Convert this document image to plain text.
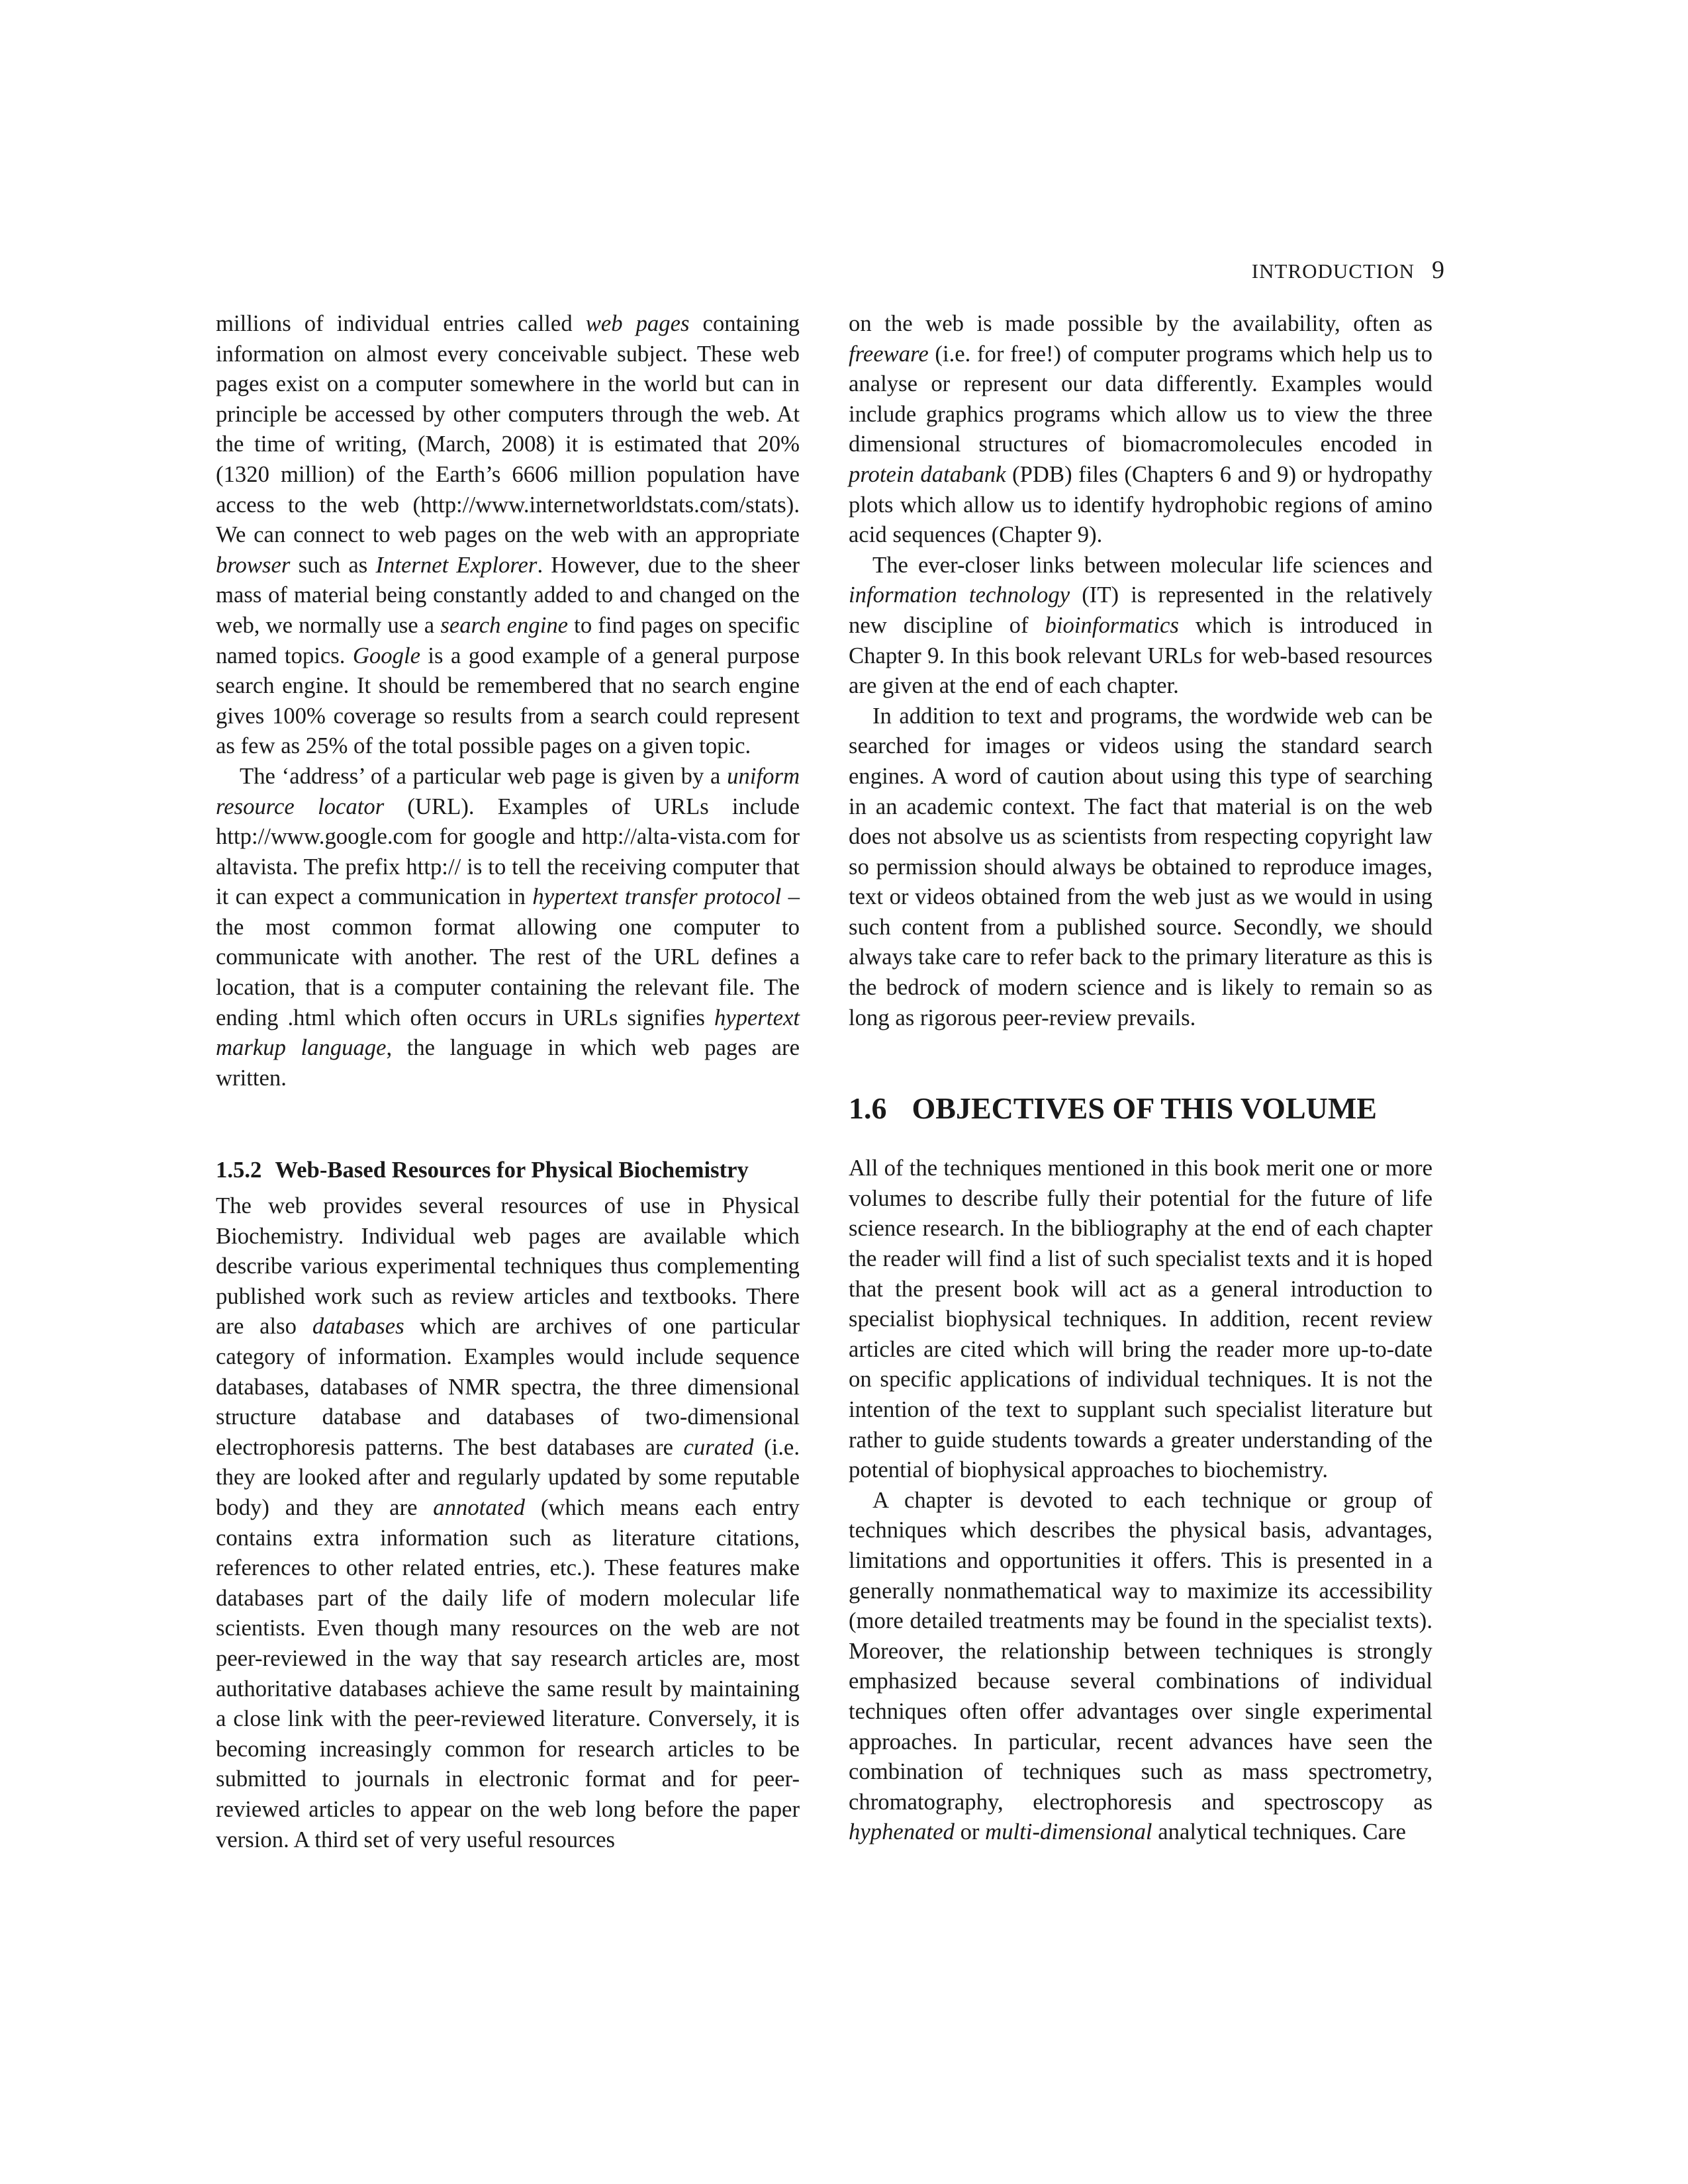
INTRODUCTION 9

millions of individual entries called web pages containing information on almost every conceivable subject. These web pages exist on a computer somewhere in the world but can in principle be accessed by other computers through the web. At the time of writing, (March, 2008) it is estimated that 20% (1320 million) of the Earth’s 6606 million population have access to the web (http://www.internetworldstats.com/stats). We can connect to web pages on the web with an appropriate browser such as Internet Explorer. However, due to the sheer mass of material being constantly added to and changed on the web, we normally use a search engine to find pages on specific named topics. Google is a good example of a general purpose search engine. It should be remembered that no search engine gives 100% coverage so results from a search could represent as few as 25% of the total possible pages on a given topic.

The ‘address’ of a particular web page is given by a uniform resource locator (URL). Examples of URLs include http://www.google.com for google and http://alta-vista.com for altavista. The prefix http:// is to tell the receiving computer that it can expect a communication in hypertext transfer protocol – the most common format allowing one computer to communicate with another. The rest of the URL defines a location, that is a computer containing the relevant file. The ending .html which often occurs in URLs signifies hypertext markup language, the language in which web pages are written.

1.5.2 Web-Based Resources for Physical Biochemistry

The web provides several resources of use in Physical Biochemistry. Individual web pages are available which describe various experimental techniques thus complementing published work such as review articles and textbooks. There are also databases which are archives of one particular category of information. Examples would include sequence databases, databases of NMR spectra, the three dimensional structure database and databases of two-dimensional electrophoresis patterns. The best databases are curated (i.e. they are looked after and regularly updated by some reputable body) and they are annotated (which means each entry contains extra information such as literature citations, references to other related entries, etc.). These features make databases part of the daily life of modern molecular life scientists. Even though many resources on the web are not peer-reviewed in the way that say research articles are, most authoritative databases achieve the same result by maintaining a close link with the peer-reviewed literature. Conversely, it is becoming increasingly common for research articles to be submitted to journals in electronic format and for peer-reviewed articles to appear on the web long before the paper version. A third set of very useful resources

on the web is made possible by the availability, often as freeware (i.e. for free!) of computer programs which help us to analyse or represent our data differently. Examples would include graphics programs which allow us to view the three dimensional structures of biomacromolecules encoded in protein databank (PDB) files (Chapters 6 and 9) or hydropathy plots which allow us to identify hydrophobic regions of amino acid sequences (Chapter 9).

The ever-closer links between molecular life sciences and information technology (IT) is represented in the relatively new discipline of bioinformatics which is introduced in Chapter 9. In this book relevant URLs for web-based resources are given at the end of each chapter.

In addition to text and programs, the wordwide web can be searched for images or videos using the standard search engines. A word of caution about using this type of searching in an academic context. The fact that material is on the web does not absolve us as scientists from respecting copyright law so permission should always be obtained to reproduce images, text or videos obtained from the web just as we would in using such content from a published source. Secondly, we should always take care to refer back to the primary literature as this is the bedrock of modern science and is likely to remain so as long as rigorous peer-review prevails.

1.6 OBJECTIVES OF THIS VOLUME

All of the techniques mentioned in this book merit one or more volumes to describe fully their potential for the future of life science research. In the bibliography at the end of each chapter the reader will find a list of such specialist texts and it is hoped that the present book will act as a general introduction to specialist biophysical techniques. In addition, recent review articles are cited which will bring the reader more up-to-date on specific applications of individual techniques. It is not the intention of the text to supplant such specialist literature but rather to guide students towards a greater understanding of the potential of biophysical approaches to biochemistry.

A chapter is devoted to each technique or group of techniques which describes the physical basis, advantages, limitations and opportunities it offers. This is presented in a generally nonmathematical way to maximize its accessibility (more detailed treatments may be found in the specialist texts). Moreover, the relationship between techniques is strongly emphasized because several combinations of individual techniques often offer advantages over single experimental approaches. In particular, recent advances have seen the combination of techniques such as mass spectrometry, chromatography, electrophoresis and spectroscopy as hyphenated or multi-dimensional analytical techniques. Care
